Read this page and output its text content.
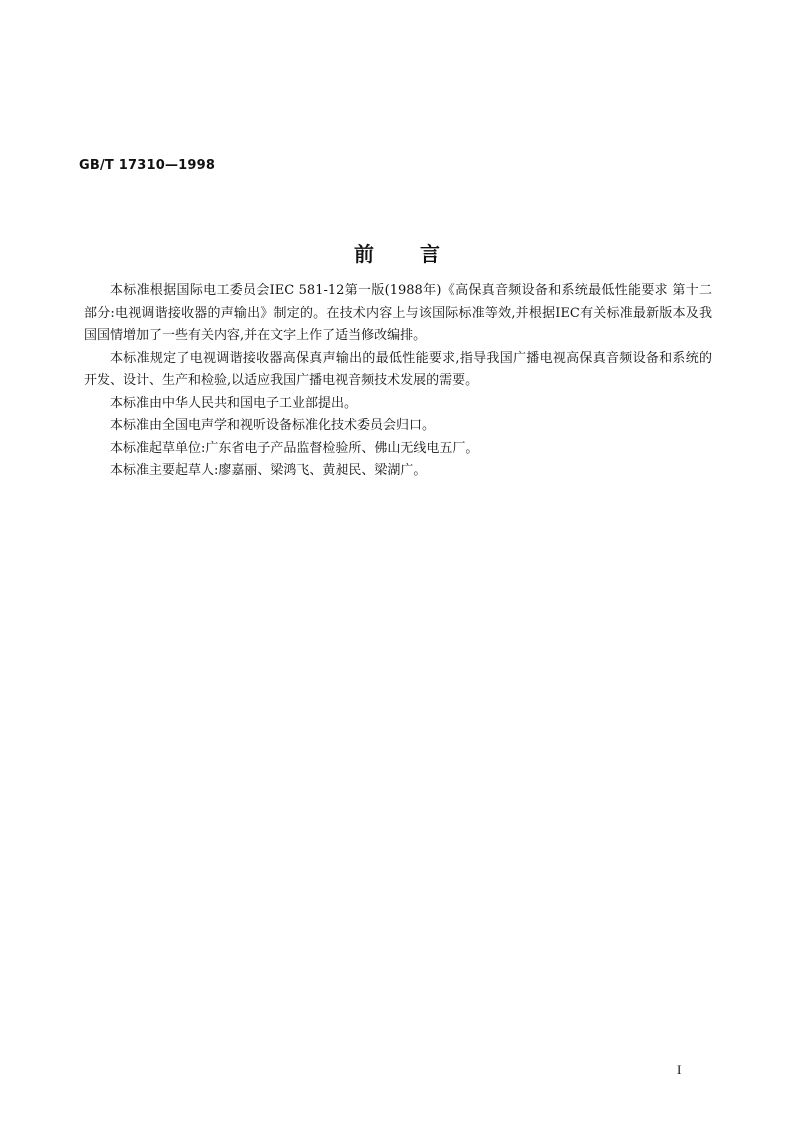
GB/T 17310—1998
前言

本标准根据国际电工委员会IEC 581-12第一版(1988年)《高保真音频设备和系统最低性能要求 第十二部分:电视调谐接收器的声输出》制定的。在技术内容上与该国际标准等效,并根据IEC有关标准最新版本及我国国情增加了一些有关内容,并在文字上作了适当修改编排。

本标准规定了电视调谐接收器高保真声输出的最低性能要求,指导我国广播电视高保真音频设备和系统的开发、设计、生产和检验,以适应我国广播电视音频技术发展的需要。

本标准由中华人民共和国电子工业部提出。

本标准由全国电声学和视听设备标准化技术委员会归口。

本标准起草单位:广东省电子产品监督检验所、佛山无线电五厂。

本标准主要起草人:廖嘉丽、梁鸿飞、黄昶民、梁湖广。

I
